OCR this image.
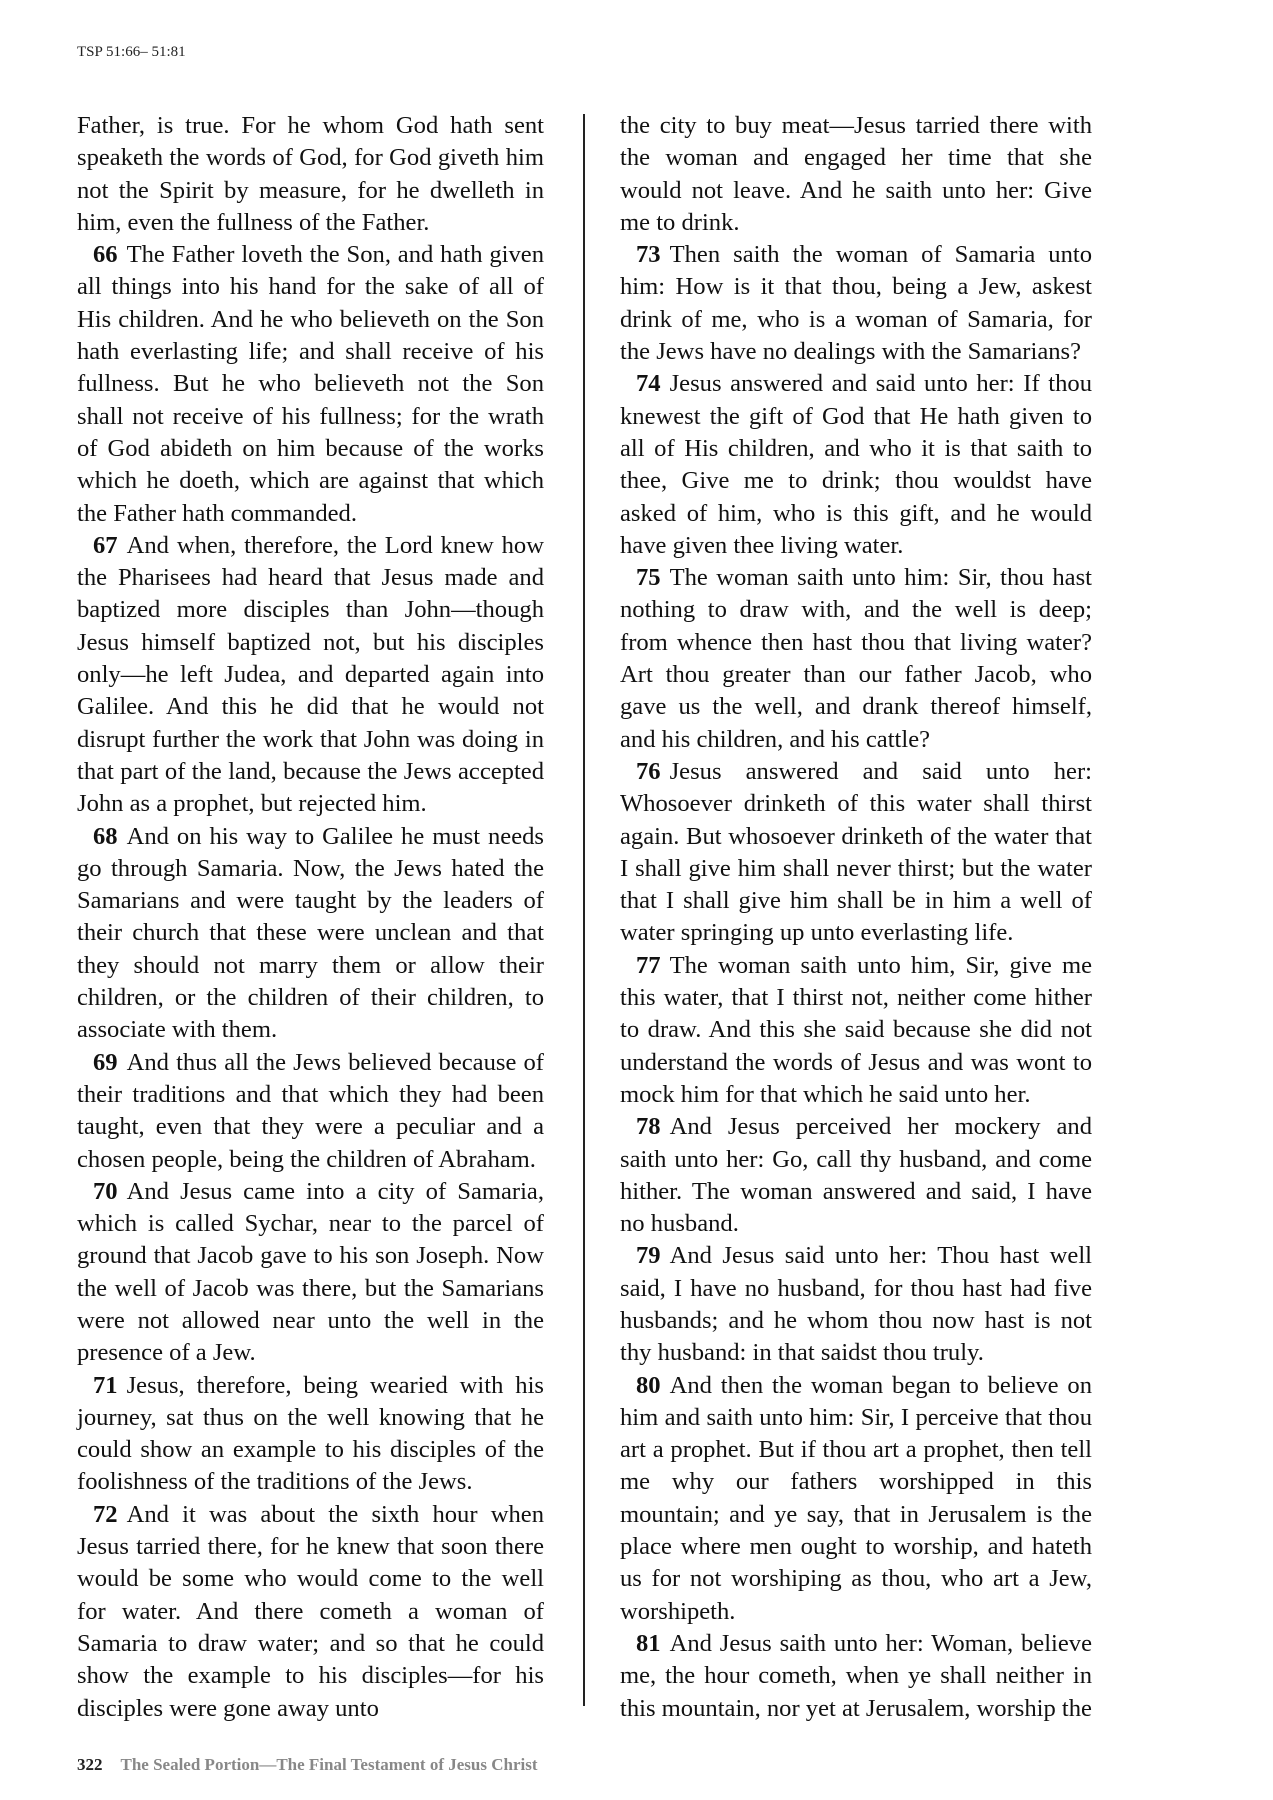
TSP 51:66– 51:81

Father, is true. For he whom God hath sent speaketh the words of God, for God giveth him not the Spirit by measure, for he dwelleth in him, even the fullness of the Father.

66 The Father loveth the Son, and hath given all things into his hand for the sake of all of His children. And he who believeth on the Son hath everlasting life; and shall receive of his fullness. But he who believeth not the Son shall not receive of his fullness; for the wrath of God abideth on him because of the works which he doeth, which are against that which the Father hath commanded.

67 And when, therefore, the Lord knew how the Pharisees had heard that Jesus made and baptized more disciples than John—though Jesus himself baptized not, but his disciples only—he left Judea, and departed again into Galilee. And this he did that he would not disrupt further the work that John was doing in that part of the land, because the Jews accepted John as a prophet, but rejected him.

68 And on his way to Galilee he must needs go through Samaria. Now, the Jews hated the Samarians and were taught by the leaders of their church that these were unclean and that they should not marry them or allow their children, or the children of their children, to associate with them.

69 And thus all the Jews believed because of their traditions and that which they had been taught, even that they were a peculiar and a chosen people, being the children of Abraham.

70 And Jesus came into a city of Samaria, which is called Sychar, near to the parcel of ground that Jacob gave to his son Joseph. Now the well of Jacob was there, but the Samarians were not allowed near unto the well in the presence of a Jew.

71 Jesus, therefore, being wearied with his journey, sat thus on the well knowing that he could show an example to his disciples of the foolishness of the traditions of the Jews.

72 And it was about the sixth hour when Jesus tarried there, for he knew that soon there would be some who would come to the well for water. And there cometh a woman of Samaria to draw water; and so that he could show the example to his disciples—for his disciples were gone away unto

the city to buy meat—Jesus tarried there with the woman and engaged her time that she would not leave. And he saith unto her: Give me to drink.

73 Then saith the woman of Samaria unto him: How is it that thou, being a Jew, askest drink of me, who is a woman of Samaria, for the Jews have no dealings with the Samarians?

74 Jesus answered and said unto her: If thou knewest the gift of God that He hath given to all of His children, and who it is that saith to thee, Give me to drink; thou wouldst have asked of him, who is this gift, and he would have given thee living water.

75 The woman saith unto him: Sir, thou hast nothing to draw with, and the well is deep; from whence then hast thou that living water? Art thou greater than our father Jacob, who gave us the well, and drank thereof himself, and his children, and his cattle?

76 Jesus answered and said unto her: Whosoever drinketh of this water shall thirst again. But whosoever drinketh of the water that I shall give him shall never thirst; but the water that I shall give him shall be in him a well of water springing up unto everlasting life.

77 The woman saith unto him, Sir, give me this water, that I thirst not, neither come hither to draw. And this she said because she did not understand the words of Jesus and was wont to mock him for that which he said unto her.

78 And Jesus perceived her mockery and saith unto her: Go, call thy husband, and come hither. The woman answered and said, I have no husband.

79 And Jesus said unto her: Thou hast well said, I have no husband, for thou hast had five husbands; and he whom thou now hast is not thy husband: in that saidst thou truly.

80 And then the woman began to believe on him and saith unto him: Sir, I perceive that thou art a prophet. But if thou art a prophet, then tell me why our fathers worshipped in this mountain; and ye say, that in Jerusalem is the place where men ought to worship, and hateth us for not worshiping as thou, who art a Jew, worshipeth.

81 And Jesus saith unto her: Woman, believe me, the hour cometh, when ye shall neither in this mountain, nor yet at Jerusalem, worship the

322 The Sealed Portion—The Final Testament of Jesus Christ
